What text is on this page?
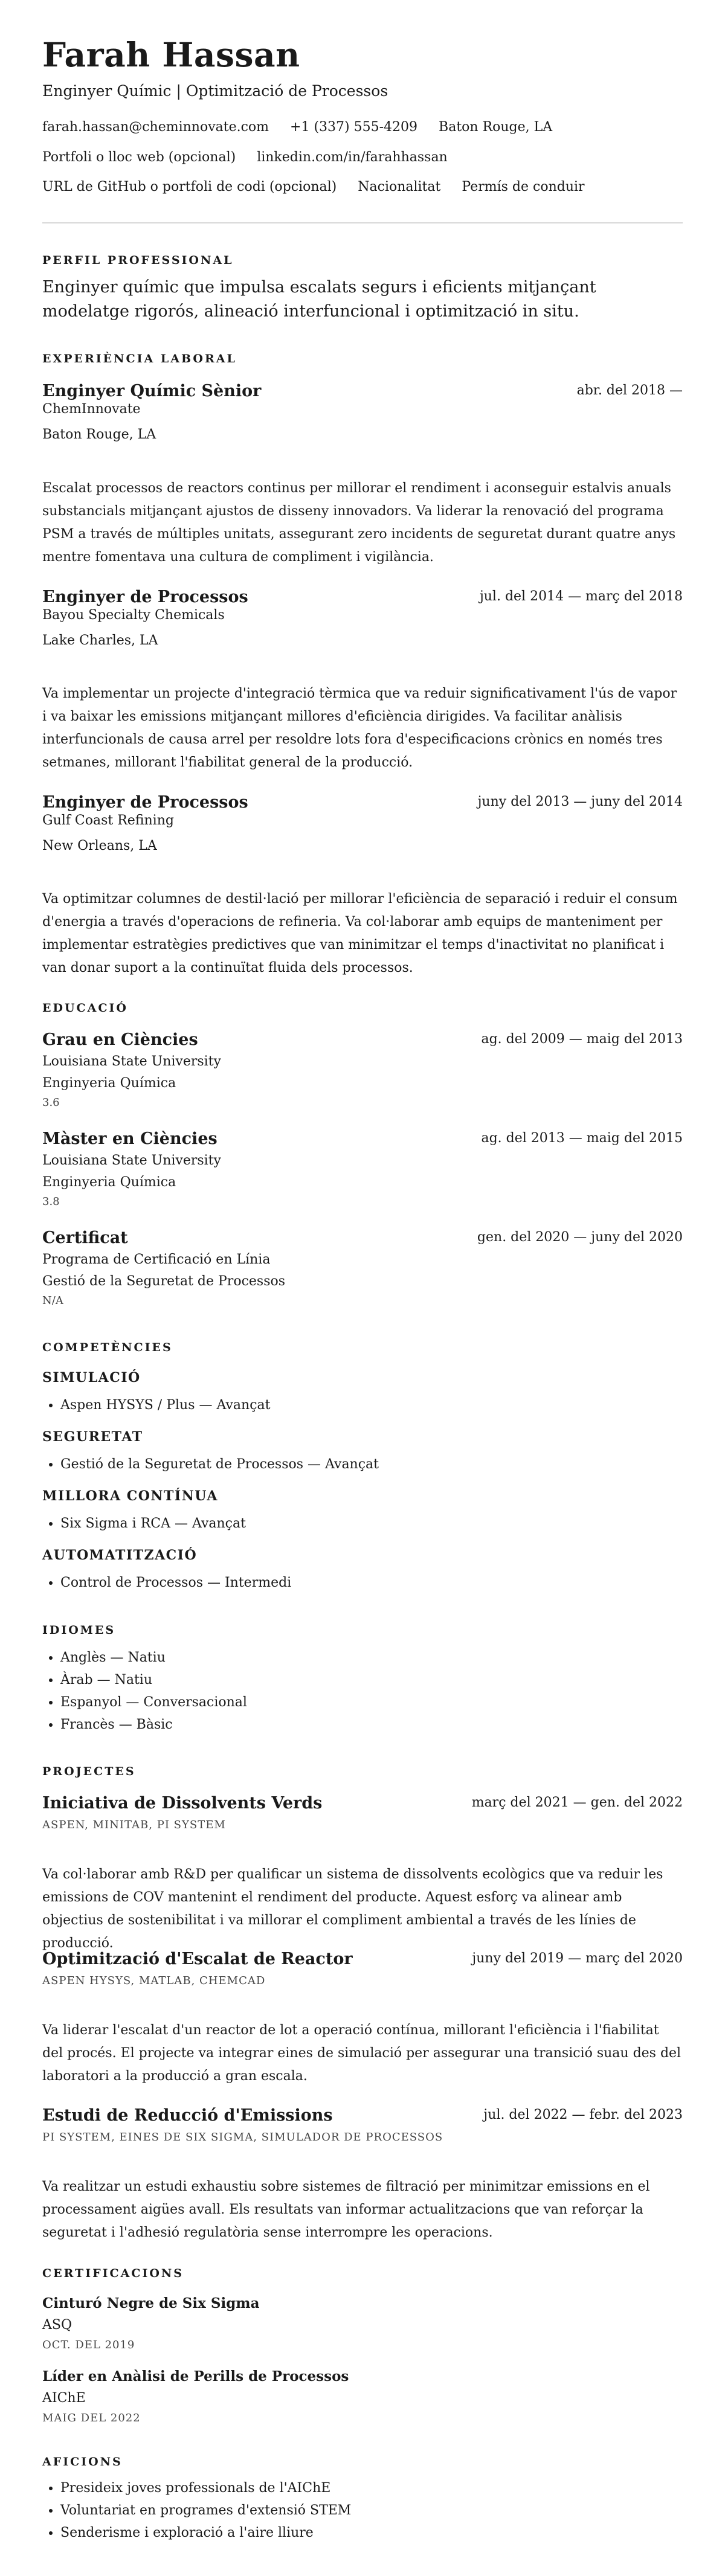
Farah Hassan
Enginyer Químic | Optimització de Processos
farah.hassan@cheminnovate.com +1 (337) 555-4209 Baton Rouge, LA
Portfoli o lloc web (opcional) linkedin.com/in/farahhassan
URL de GitHub o portfoli de codi (opcional) Nacionalitat Permís de conduir
PERFIL PROFESSIONAL
Enginyer químic que impulsa escalats segurs i eficients mitjançant modelatge rigorós, alineació interfuncional i optimització in situ.
EXPERIÈNCIA LABORAL
Enginyer Químic Sènior	abr. del 2018 —
ChemInnovate
Baton Rouge, LA
Escalat processos de reactors continus per millorar el rendiment i aconseguir estalvis anuals substancials mitjançant ajustos de disseny innovadors. Va liderar la renovació del programa PSM a través de múltiples unitats, assegurant zero incidents de seguretat durant quatre anys mentre fomentava una cultura de compliment i vigilància.
Enginyer de Processos	jul. del 2014 — març del 2018
Bayou Specialty Chemicals
Lake Charles, LA
Va implementar un projecte d'integració tèrmica que va reduir significativament l'ús de vapor i va baixar les emissions mitjançant millores d'eficiència dirigides. Va facilitar anàlisis interfuncionals de causa arrel per resoldre lots fora d'especificacions crònics en només tres setmanes, millorant l'fiabilitat general de la producció.
Enginyer de Processos	juny del 2013 — juny del 2014
Gulf Coast Refining
New Orleans, LA
Va optimitzar columnes de destil·lació per millorar l'eficiència de separació i reduir el consum d'energia a través d'operacions de refineria. Va col·laborar amb equips de manteniment per implementar estratègies predictives que van minimitzar el temps d'inactivitat no planificat i van donar suport a la continuïtat fluida dels processos.
EDUCACIÓ
Grau en Ciències	ag. del 2009 — maig del 2013
Louisiana State University
Enginyeria Química
3.6
Màster en Ciències	ag. del 2013 — maig del 2015
Louisiana State University
Enginyeria Química
3.8
Certificat	gen. del 2020 — juny del 2020
Programa de Certificació en Línia
Gestió de la Seguretat de Processos
N/A
COMPETÈNCIES
SIMULACIÓ
• Aspen HYSYS / Plus — Avançat
SEGURETAT
• Gestió de la Seguretat de Processos — Avançat
MILLORA CONTÍNUA
• Six Sigma i RCA — Avançat
AUTOMATITZACIÓ
• Control de Processos — Intermedi
IDIOMES
• Anglès — Natiu
• Àrab — Natiu
• Espanyol — Conversacional
• Francès — Bàsic
PROJECTES
Iniciativa de Dissolvents Verds	març del 2021 — gen. del 2022
ASPEN, MINITAB, PI SYSTEM
Va col·laborar amb R&D per qualificar un sistema de dissolvents ecològics que va reduir les emissions de COV mantenint el rendiment del producte. Aquest esforç va alinear amb objectius de sostenibilitat i va millorar el compliment ambiental a través de les línies de producció.
Optimització d'Escalat de Reactor	juny del 2019 — març del 2020
ASPEN HYSYS, MATLAB, CHEMCAD
Va liderar l'escalat d'un reactor de lot a operació contínua, millorant l'eficiència i l'fiabilitat del procés. El projecte va integrar eines de simulació per assegurar una transició suau des del laboratori a la producció a gran escala.
Estudi de Reducció d'Emissions	jul. del 2022 — febr. del 2023
PI SYSTEM, EINES DE SIX SIGMA, SIMULADOR DE PROCESSOS
Va realitzar un estudi exhaustiu sobre sistemes de filtració per minimitzar emissions en el processament aigües avall. Els resultats van informar actualitzacions que van reforçar la seguretat i l'adhesió regulatòria sense interrompre les operacions.
CERTIFICACIONS
Cinturó Negre de Six Sigma
ASQ
OCT. DEL 2019
Líder en Anàlisi de Perills de Processos
AIChE
MAIG DEL 2022
AFICIONS
• Presideix joves professionals de l'AIChE
• Voluntariat en programes d'extensió STEM
• Senderisme i exploració a l'aire lliure
